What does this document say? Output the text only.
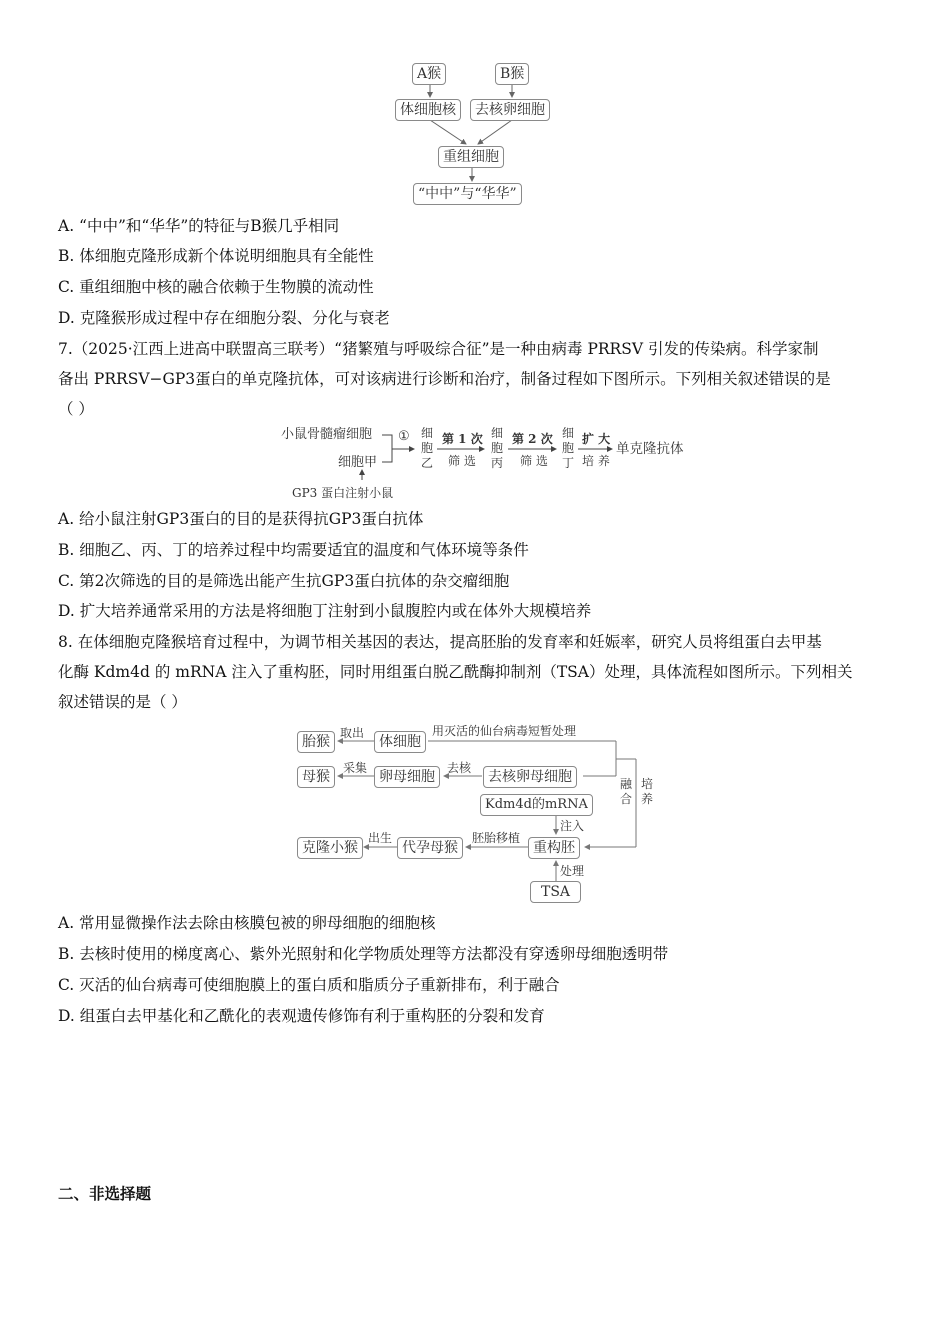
A猴	B猴
体细胞核	去核卵细胞
重组细胞
“中中”与“华华”
A. “中中”和“华华”的特征与B猴几乎相同
B. 体细胞克隆形成新个体说明细胞具有全能性
C. 重组细胞中核的融合依赖于生物膜的流动性
D. 克隆猴形成过程中存在细胞分裂、分化与衰老
7.（2025·江西上进高中联盟高三联考）“猪繁殖与呼吸综合征”是一种由病毒 PRRSV 引发的传染病。科学家制
备出 PRRSV−GP3蛋白的单克隆抗体，可对该病进行诊断和治疗，制备过程如下图所示。下列相关叙述错误的是
（ ）
小鼠骨髓瘤细胞
细胞甲
GP3 蛋白注射小鼠
① 细胞乙
第 1 次
筛 选
细胞丙
第 2 次
筛 选
细胞丁
扩 大
培 养
单克隆抗体
A. 给小鼠注射GP3蛋白的目的是获得抗GP3蛋白抗体
B. 细胞乙、丙、丁的培养过程中均需要适宜的温度和气体环境等条件
C. 第2次筛选的目的是筛选出能产生抗GP3蛋白抗体的杂交瘤细胞
D. 扩大培养通常采用的方法是将细胞丁注射到小鼠腹腔内或在体外大规模培养
8. 在体细胞克隆猴培育过程中，为调节相关基因的表达，提高胚胎的发育率和妊娠率，研究人员将组蛋白去甲基
化酶 Kdm4d 的 mRNA 注入了重构胚，同时用组蛋白脱乙酰酶抑制剂（TSA）处理，具体流程如图所示。下列相关
叙述错误的是（ ）
胎猴
取出
体细胞
用灭活的仙台病毒短暂处理
母猴
采集
卵母细胞
去核
去核卵母细胞	融合
培养
Kdm4d的mRNA
注入
克隆小猴
出生
代孕母猴
胚胎移植
重构胚
处理
TSA
A. 常用显微操作法去除由核膜包被的卵母细胞的细胞核
B. 去核时使用的梯度离心、紫外光照射和化学物质处理等方法都没有穿透卵母细胞透明带
C. 灭活的仙台病毒可使细胞膜上的蛋白质和脂质分子重新排布，利于融合
D. 组蛋白去甲基化和乙酰化的表观遗传修饰有利于重构胚的分裂和发育
二、非选择题
